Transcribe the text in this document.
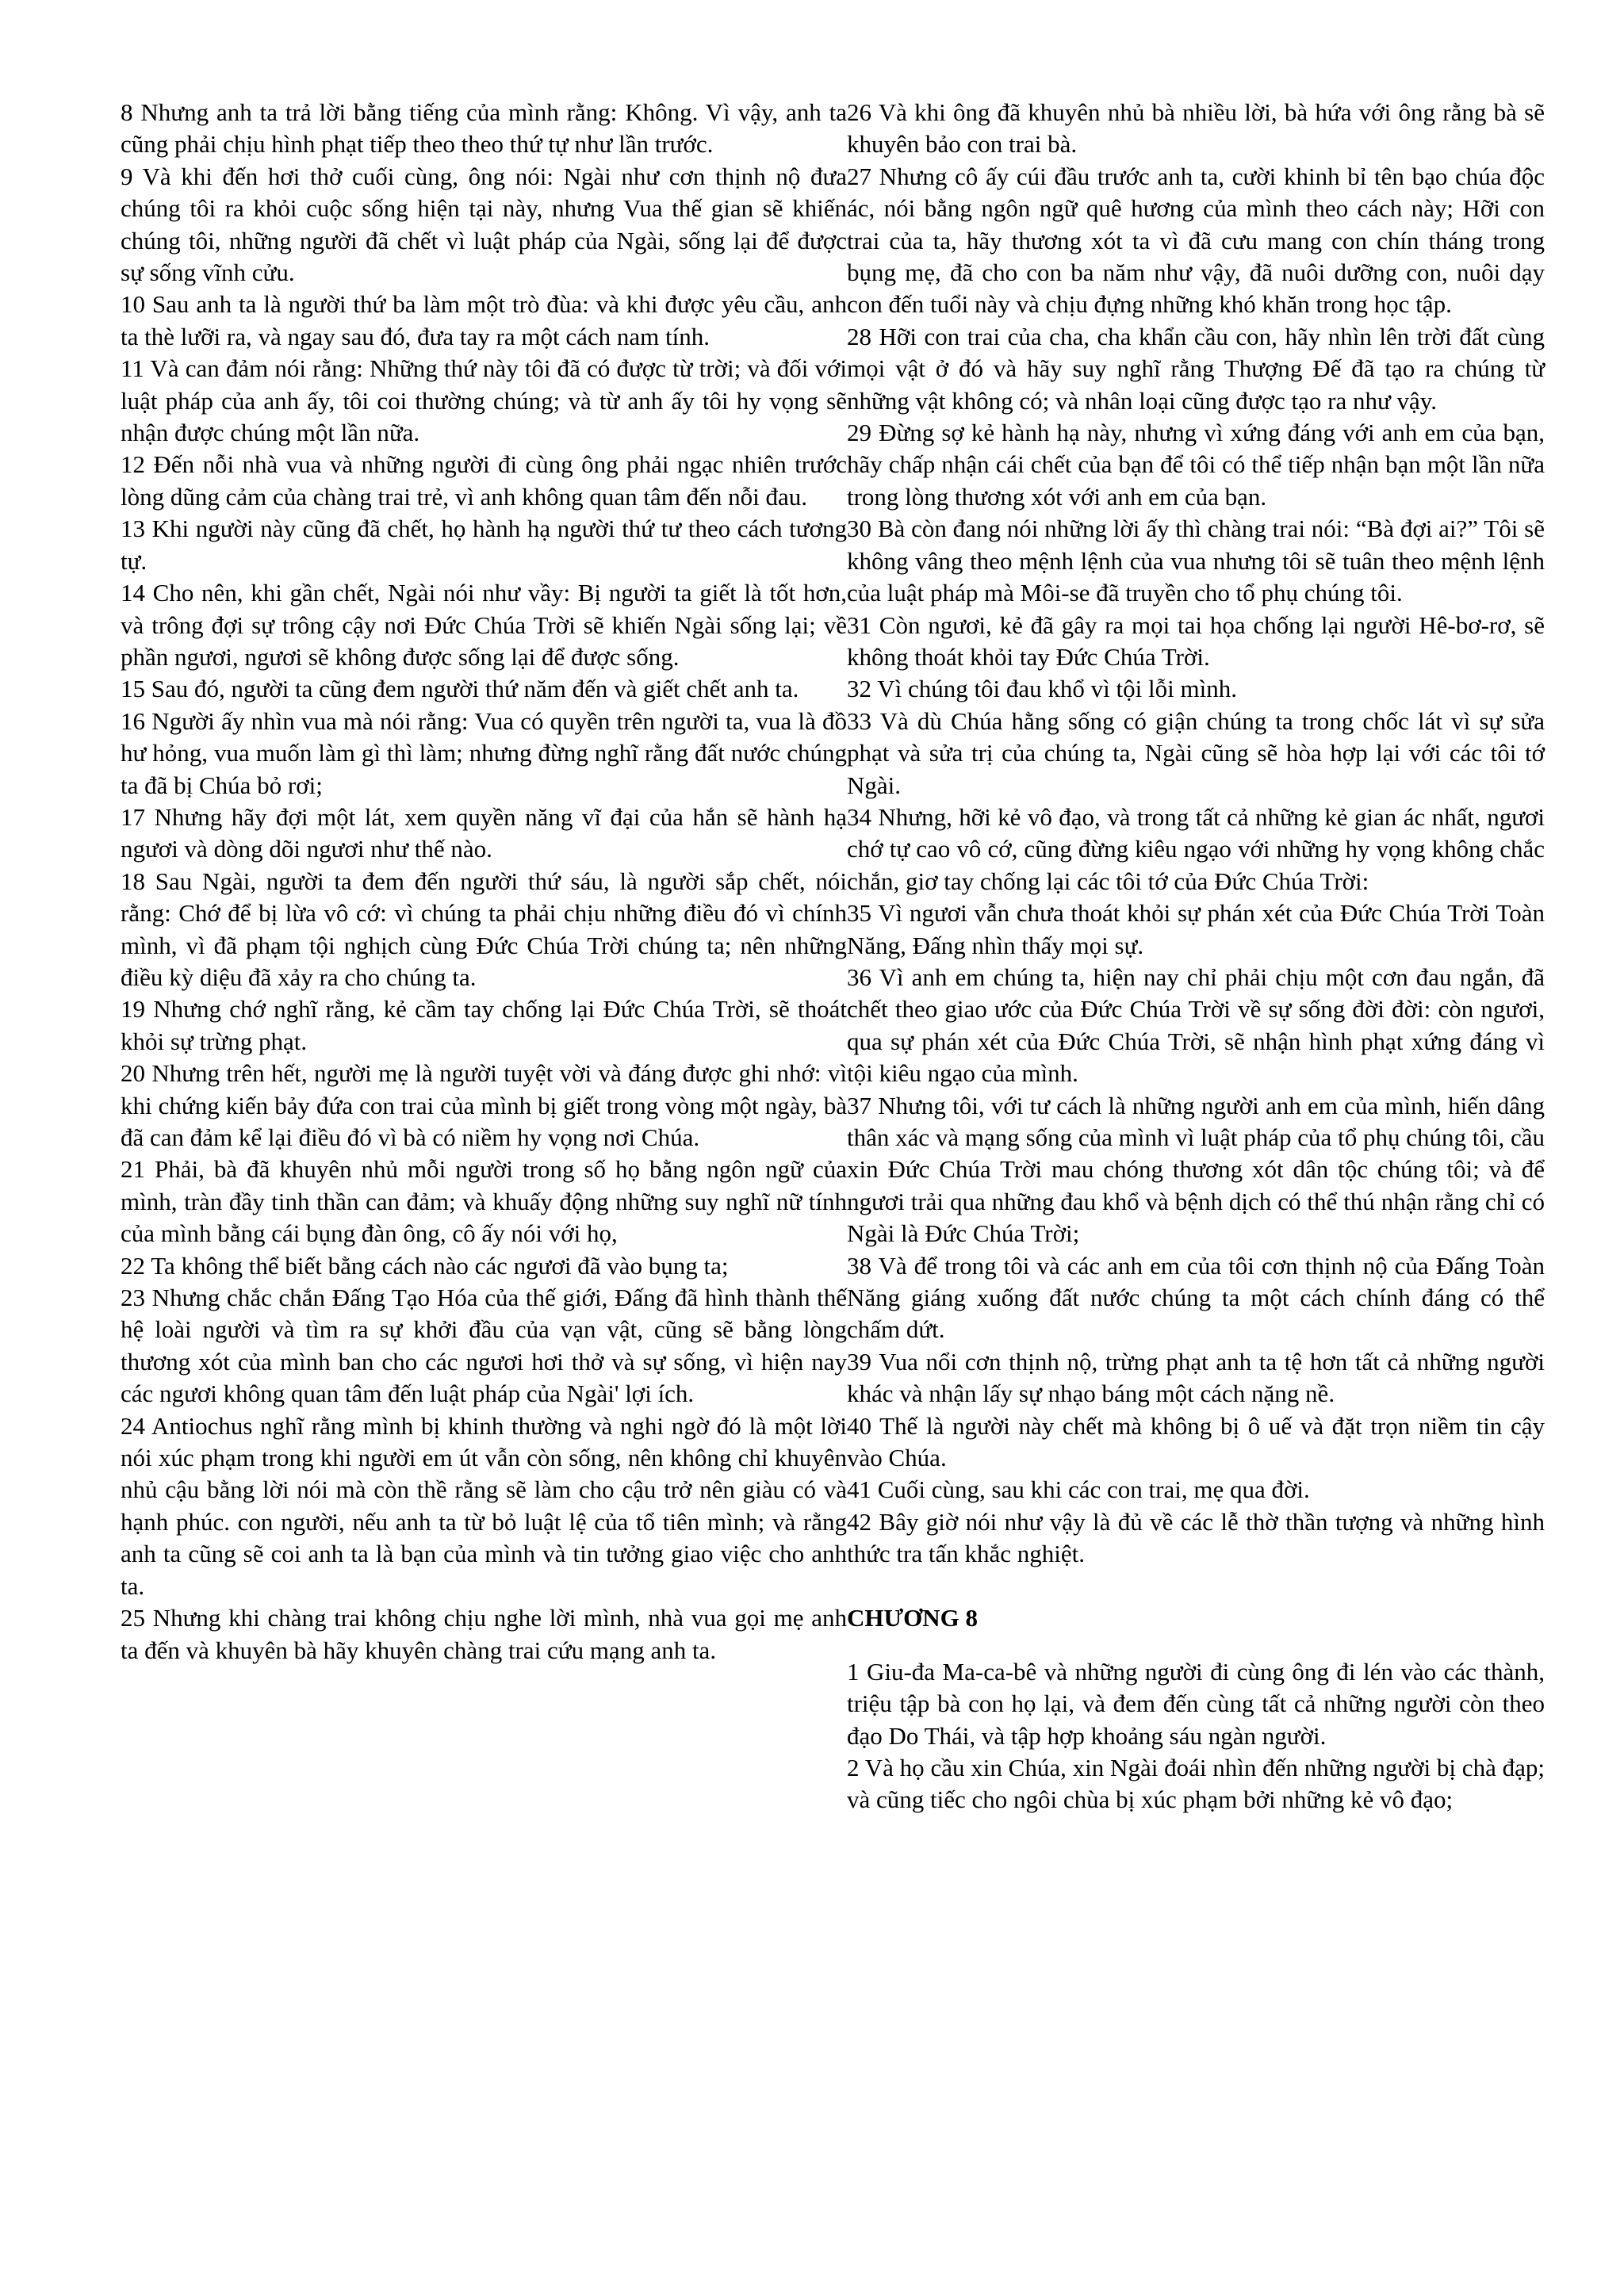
8 Nhưng anh ta trả lời bằng tiếng của mình rằng: Không. Vì vậy, anh ta cũng phải chịu hình phạt tiếp theo theo thứ tự như lần trước.

9 Và khi đến hơi thở cuối cùng, ông nói: Ngài như cơn thịnh nộ đưa chúng tôi ra khỏi cuộc sống hiện tại này, nhưng Vua thế gian sẽ khiến chúng tôi, những người đã chết vì luật pháp của Ngài, sống lại để được sự sống vĩnh cửu.

10 Sau anh ta là người thứ ba làm một trò đùa: và khi được yêu cầu, anh ta thè lưỡi ra, và ngay sau đó, đưa tay ra một cách nam tính.

11 Và can đảm nói rằng: Những thứ này tôi đã có được từ trời; và đối với luật pháp của anh ấy, tôi coi thường chúng; và từ anh ấy tôi hy vọng sẽ nhận được chúng một lần nữa.

12 Đến nỗi nhà vua và những người đi cùng ông phải ngạc nhiên trước lòng dũng cảm của chàng trai trẻ, vì anh không quan tâm đến nỗi đau.

13 Khi người này cũng đã chết, họ hành hạ người thứ tư theo cách tương tự.

14 Cho nên, khi gần chết, Ngài nói như vầy: Bị người ta giết là tốt hơn, và trông đợi sự trông cậy nơi Đức Chúa Trời sẽ khiến Ngài sống lại; về phần ngươi, ngươi sẽ không được sống lại để được sống.

15 Sau đó, người ta cũng đem người thứ năm đến và giết chết anh ta.

16 Người ấy nhìn vua mà nói rằng: Vua có quyền trên người ta, vua là đồ hư hỏng, vua muốn làm gì thì làm; nhưng đừng nghĩ rằng đất nước chúng ta đã bị Chúa bỏ rơi;

17 Nhưng hãy đợi một lát, xem quyền năng vĩ đại của hắn sẽ hành hạ ngươi và dòng dõi ngươi như thế nào.

18 Sau Ngài, người ta đem đến người thứ sáu, là người sắp chết, nói rằng: Chớ để bị lừa vô cớ: vì chúng ta phải chịu những điều đó vì chính mình, vì đã phạm tội nghịch cùng Đức Chúa Trời chúng ta; nên những điều kỳ diệu đã xảy ra cho chúng ta.

19 Nhưng chớ nghĩ rằng, kẻ cầm tay chống lại Đức Chúa Trời, sẽ thoát khỏi sự trừng phạt.

20 Nhưng trên hết, người mẹ là người tuyệt vời và đáng được ghi nhớ: vì khi chứng kiến bảy đứa con trai của mình bị giết trong vòng một ngày, bà đã can đảm kể lại điều đó vì bà có niềm hy vọng nơi Chúa.

21 Phải, bà đã khuyên nhủ mỗi người trong số họ bằng ngôn ngữ của mình, tràn đầy tinh thần can đảm; và khuấy động những suy nghĩ nữ tính của mình bằng cái bụng đàn ông, cô ấy nói với họ,

22 Ta không thể biết bằng cách nào các ngươi đã vào bụng ta;

23 Nhưng chắc chắn Đấng Tạo Hóa của thế giới, Đấng đã hình thành thế hệ loài người và tìm ra sự khởi đầu của vạn vật, cũng sẽ bằng lòng thương xót của mình ban cho các ngươi hơi thở và sự sống, vì hiện nay các ngươi không quan tâm đến luật pháp của Ngài' lợi ích.

24 Antiochus nghĩ rằng mình bị khinh thường và nghi ngờ đó là một lời nói xúc phạm trong khi người em út vẫn còn sống, nên không chỉ khuyên nhủ cậu bằng lời nói mà còn thề rằng sẽ làm cho cậu trở nên giàu có và hạnh phúc. con người, nếu anh ta từ bỏ luật lệ của tổ tiên mình; và rằng anh ta cũng sẽ coi anh ta là bạn của mình và tin tưởng giao việc cho anh ta.

25 Nhưng khi chàng trai không chịu nghe lời mình, nhà vua gọi mẹ anh ta đến và khuyên bà hãy khuyên chàng trai cứu mạng anh ta.

26 Và khi ông đã khuyên nhủ bà nhiều lời, bà hứa với ông rằng bà sẽ khuyên bảo con trai bà.

27 Nhưng cô ấy cúi đầu trước anh ta, cười khinh bỉ tên bạo chúa độc ác, nói bằng ngôn ngữ quê hương của mình theo cách này; Hỡi con trai của ta, hãy thương xót ta vì đã cưu mang con chín tháng trong bụng mẹ, đã cho con ba năm như vậy, đã nuôi dưỡng con, nuôi dạy con đến tuổi này và chịu đựng những khó khăn trong học tập.

28 Hỡi con trai của cha, cha khẩn cầu con, hãy nhìn lên trời đất cùng mọi vật ở đó và hãy suy nghĩ rằng Thượng Đế đã tạo ra chúng từ những vật không có; và nhân loại cũng được tạo ra như vậy.

29 Đừng sợ kẻ hành hạ này, nhưng vì xứng đáng với anh em của bạn, hãy chấp nhận cái chết của bạn để tôi có thể tiếp nhận bạn một lần nữa trong lòng thương xót với anh em của bạn.

30 Bà còn đang nói những lời ấy thì chàng trai nói: “Bà đợi ai?” Tôi sẽ không vâng theo mệnh lệnh của vua nhưng tôi sẽ tuân theo mệnh lệnh của luật pháp mà Môi-se đã truyền cho tổ phụ chúng tôi.

31 Còn ngươi, kẻ đã gây ra mọi tai họa chống lại người Hê-bơ-rơ, sẽ không thoát khỏi tay Đức Chúa Trời.

32 Vì chúng tôi đau khổ vì tội lỗi mình.

33 Và dù Chúa hằng sống có giận chúng ta trong chốc lát vì sự sửa phạt và sửa trị của chúng ta, Ngài cũng sẽ hòa hợp lại với các tôi tớ Ngài.

34 Nhưng, hỡi kẻ vô đạo, và trong tất cả những kẻ gian ác nhất, ngươi chớ tự cao vô cớ, cũng đừng kiêu ngạo với những hy vọng không chắc chắn, giơ tay chống lại các tôi tớ của Đức Chúa Trời:

35 Vì ngươi vẫn chưa thoát khỏi sự phán xét của Đức Chúa Trời Toàn Năng, Đấng nhìn thấy mọi sự.

36 Vì anh em chúng ta, hiện nay chỉ phải chịu một cơn đau ngắn, đã chết theo giao ước của Đức Chúa Trời về sự sống đời đời: còn ngươi, qua sự phán xét của Đức Chúa Trời, sẽ nhận hình phạt xứng đáng vì tội kiêu ngạo của mình.

37 Nhưng tôi, với tư cách là những người anh em của mình, hiến dâng thân xác và mạng sống của mình vì luật pháp của tổ phụ chúng tôi, cầu xin Đức Chúa Trời mau chóng thương xót dân tộc chúng tôi; và để ngươi trải qua những đau khổ và bệnh dịch có thể thú nhận rằng chỉ có Ngài là Đức Chúa Trời;

38 Và để trong tôi và các anh em của tôi cơn thịnh nộ của Đấng Toàn Năng giáng xuống đất nước chúng ta một cách chính đáng có thể chấm dứt.

39 Vua nổi cơn thịnh nộ, trừng phạt anh ta tệ hơn tất cả những người khác và nhận lấy sự nhạo báng một cách nặng nề.

40 Thế là người này chết mà không bị ô uế và đặt trọn niềm tin cậy vào Chúa.

41 Cuối cùng, sau khi các con trai, mẹ qua đời.

42 Bây giờ nói như vậy là đủ về các lễ thờ thần tượng và những hình thức tra tấn khắc nghiệt.

CHƯƠNG 8

1 Giu-đa Ma-ca-bê và những người đi cùng ông đi lén vào các thành, triệu tập bà con họ lại, và đem đến cùng tất cả những người còn theo đạo Do Thái, và tập hợp khoảng sáu ngàn người.

2 Và họ cầu xin Chúa, xin Ngài đoái nhìn đến những người bị chà đạp; và cũng tiếc cho ngôi chùa bị xúc phạm bởi những kẻ vô đạo;
